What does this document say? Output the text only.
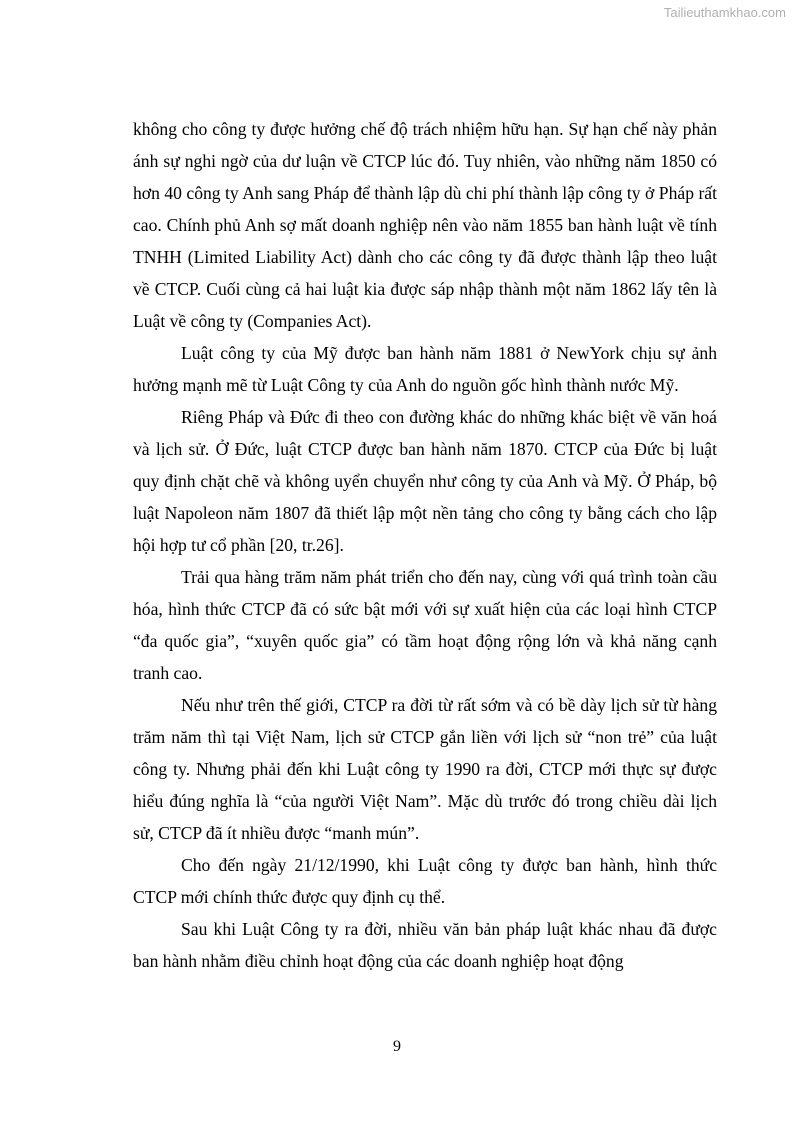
Tailieuthamkhao.com

không cho công ty được hưởng chế độ trách nhiệm hữu hạn. Sự hạn chế này phản ánh sự nghi ngờ của dư luận về CTCP lúc đó. Tuy nhiên, vào những năm 1850 có hơn 40 công ty Anh sang Pháp để thành lập dù chi phí thành lập công ty ở Pháp rất cao. Chính phủ Anh sợ mất doanh nghiệp nên vào năm 1855 ban hành luật về tính TNHH (Limited Liability Act) dành cho các công ty đã được thành lập theo luật về CTCP. Cuối cùng cả hai luật kia được sáp nhập thành một năm 1862 lấy tên là Luật về công ty (Companies Act).

Luật công ty của Mỹ được ban hành năm 1881 ở NewYork chịu sự ảnh hưởng mạnh mẽ từ Luật Công ty của Anh do nguồn gốc hình thành nước Mỹ.

Riêng Pháp và Đức đi theo con đường khác do những khác biệt về văn hoá và lịch sử. Ở Đức, luật CTCP được ban hành năm 1870. CTCP của Đức bị luật quy định chặt chẽ và không uyển chuyển như công ty của Anh và Mỹ. Ở Pháp, bộ luật Napoleon năm 1807 đã thiết lập một nền tảng cho công ty bằng cách cho lập hội hợp tư cổ phần [20, tr.26].

Trải qua hàng trăm năm phát triển cho đến nay, cùng với quá trình toàn cầu hóa, hình thức CTCP đã có sức bật mới với sự xuất hiện của các loại hình CTCP “đa quốc gia”, “xuyên quốc gia” có tầm hoạt động rộng lớn và khả năng cạnh tranh cao.

Nếu như trên thế giới, CTCP ra đời từ rất sớm và có bề dày lịch sử từ hàng trăm năm thì tại Việt Nam, lịch sử CTCP gắn liền với lịch sử “non trẻ” của luật công ty. Nhưng phải đến khi Luật công ty 1990 ra đời, CTCP mới thực sự được hiểu đúng nghĩa là “của người Việt Nam”. Mặc dù trước đó trong chiều dài lịch sử, CTCP đã ít nhiều được “manh mún”.

Cho đến ngày 21/12/1990, khi Luật công ty được ban hành, hình thức CTCP mới chính thức được quy định cụ thể.

Sau khi Luật Công ty ra đời, nhiều văn bản pháp luật khác nhau đã được ban hành nhằm điều chỉnh hoạt động của các doanh nghiệp hoạt động

9
